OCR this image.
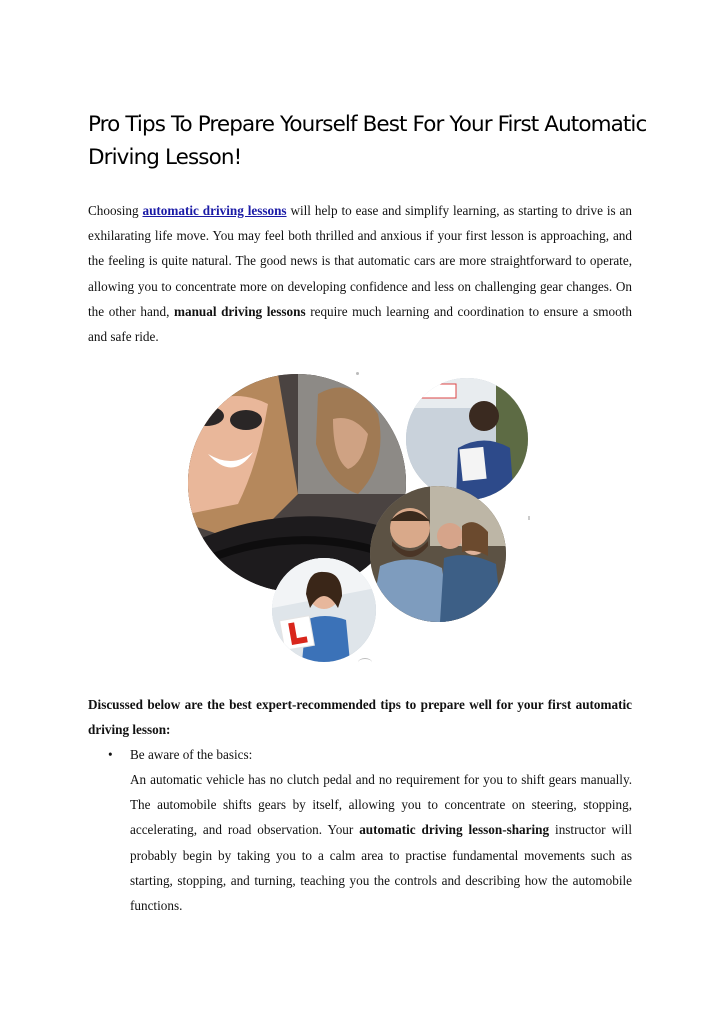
Pro Tips To Prepare Yourself Best For Your First Automatic Driving Lesson!

Choosing automatic driving lessons will help to ease and simplify learning, as starting to drive is an exhilarating life move. You may feel both thrilled and anxious if your first lesson is approaching, and the feeling is quite natural. The good news is that automatic cars are more straightforward to operate, allowing you to concentrate more on developing confidence and less on challenging gear changes. On the other hand, manual driving lessons require much learning and coordination to ensure a smooth and safe ride.

Discussed below are the best expert-recommended tips to prepare well for your first automatic driving lesson:

• Be aware of the basics:

An automatic vehicle has no clutch pedal and no requirement for you to shift gears manually. The automobile shifts gears by itself, allowing you to concentrate on steering, stopping, accelerating, and road observation. Your automatic driving lesson-sharing instructor will probably begin by taking you to a calm area to practise fundamental movements such as starting, stopping, and turning, teaching you the controls and describing how the automobile functions.
